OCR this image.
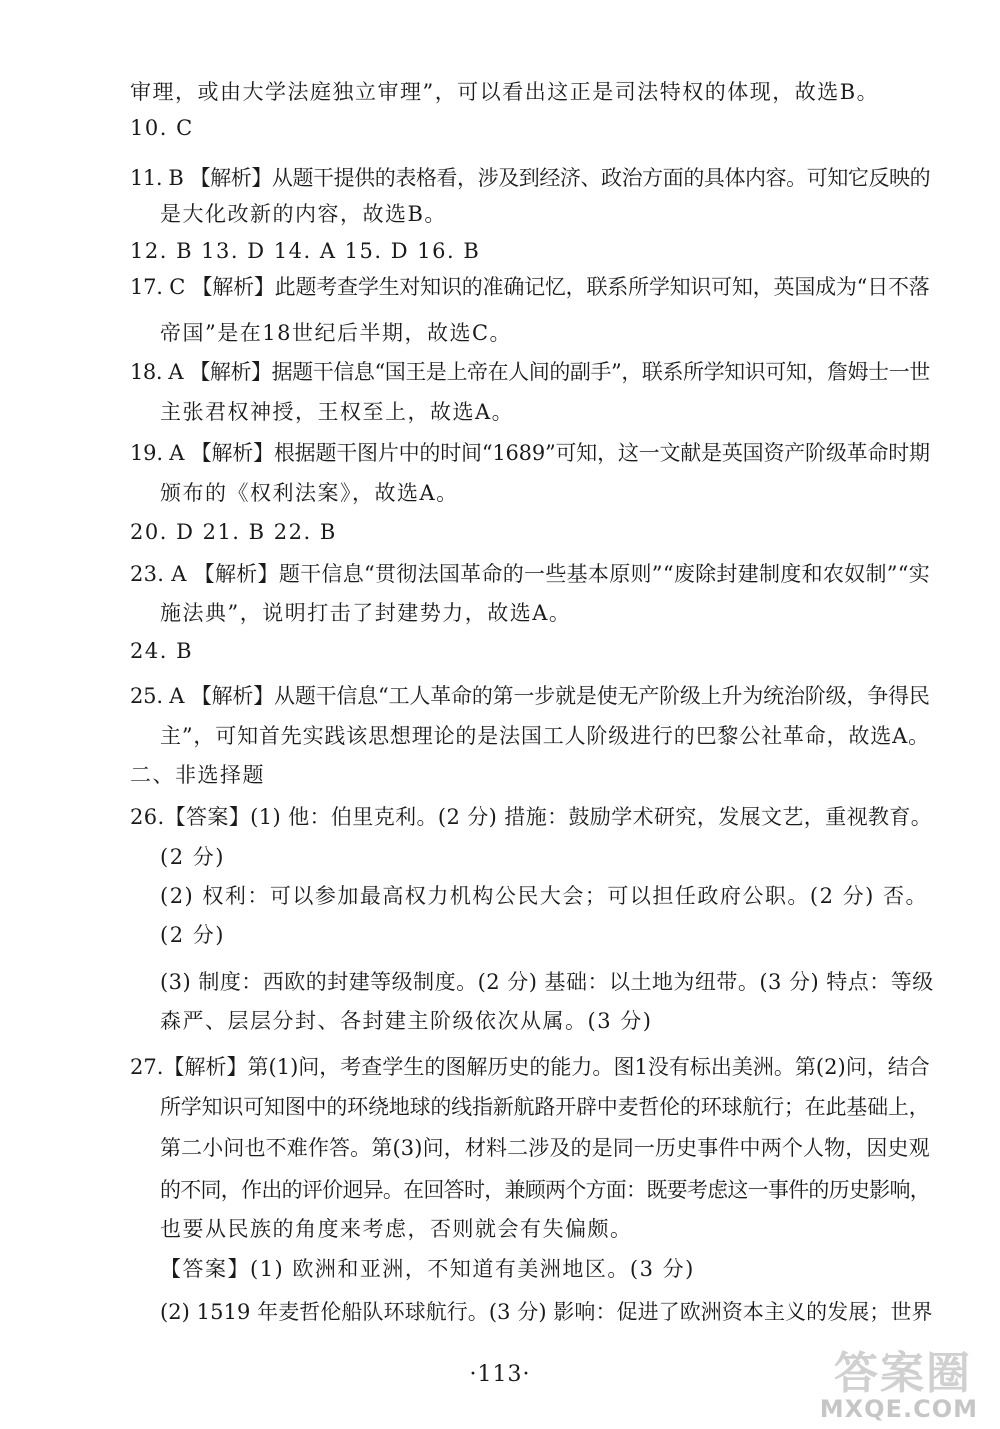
审理，或由大学法庭独立审理”，可以看出这正是司法特权的体现，故选B。
10. C
11. B 【解析】从题干提供的表格看，涉及到经济、政治方面的具体内容。可知它反映的
是大化改新的内容，故选B。
12. B 13. D 14. A 15. D 16. B
17. C 【解析】此题考查学生对知识的准确记忆，联系所学知识可知，英国成为“日不落
帝国”是在18世纪后半期，故选C。
18. A 【解析】据题干信息“国王是上帝在人间的副手”，联系所学知识可知，詹姆士一世
主张君权神授，王权至上，故选A。
19. A 【解析】根据题干图片中的时间“1689”可知，这一文献是英国资产阶级革命时期
颁布的《权利法案》，故选A。
20. D 21. B 22. B
23. A 【解析】题干信息“贯彻法国革命的一些基本原则”“废除封建制度和农奴制”“实
施法典”，说明打击了封建势力，故选A。
24. B
25. A 【解析】从题干信息“工人革命的第一步就是使无产阶级上升为统治阶级，争得民
主”，可知首先实践该思想理论的是法国工人阶级进行的巴黎公社革命，故选A。
二、非选择题
26.【答案】(1) 他：伯里克利。(2 分) 措施：鼓励学术研究，发展文艺，重视教育。
(2 分)
(2) 权利：可以参加最高权力机构公民大会；可以担任政府公职。(2 分) 否。
(2 分)
(3) 制度：西欧的封建等级制度。(2 分) 基础：以土地为纽带。(3 分) 特点：等级
森严、层层分封、各封建主阶级依次从属。(3 分)
27.【解析】第(1)问，考查学生的图解历史的能力。图1没有标出美洲。第(2)问，结合
所学知识可知图中的环绕地球的线指新航路开辟中麦哲伦的环球航行；在此基础上，
第二小问也不难作答。第(3)问，材料二涉及的是同一历史事件中两个人物，因史观
的不同，作出的评价迥异。在回答时，兼顾两个方面：既要考虑这一事件的历史影响，
也要从民族的角度来考虑，否则就会有失偏颇。
【答案】(1) 欧洲和亚洲，不知道有美洲地区。(3 分)
(2) 1519 年麦哲伦船队环球航行。(3 分) 影响：促进了欧洲资本主义的发展；世界
·113·	答案圈
MXQE.COM
